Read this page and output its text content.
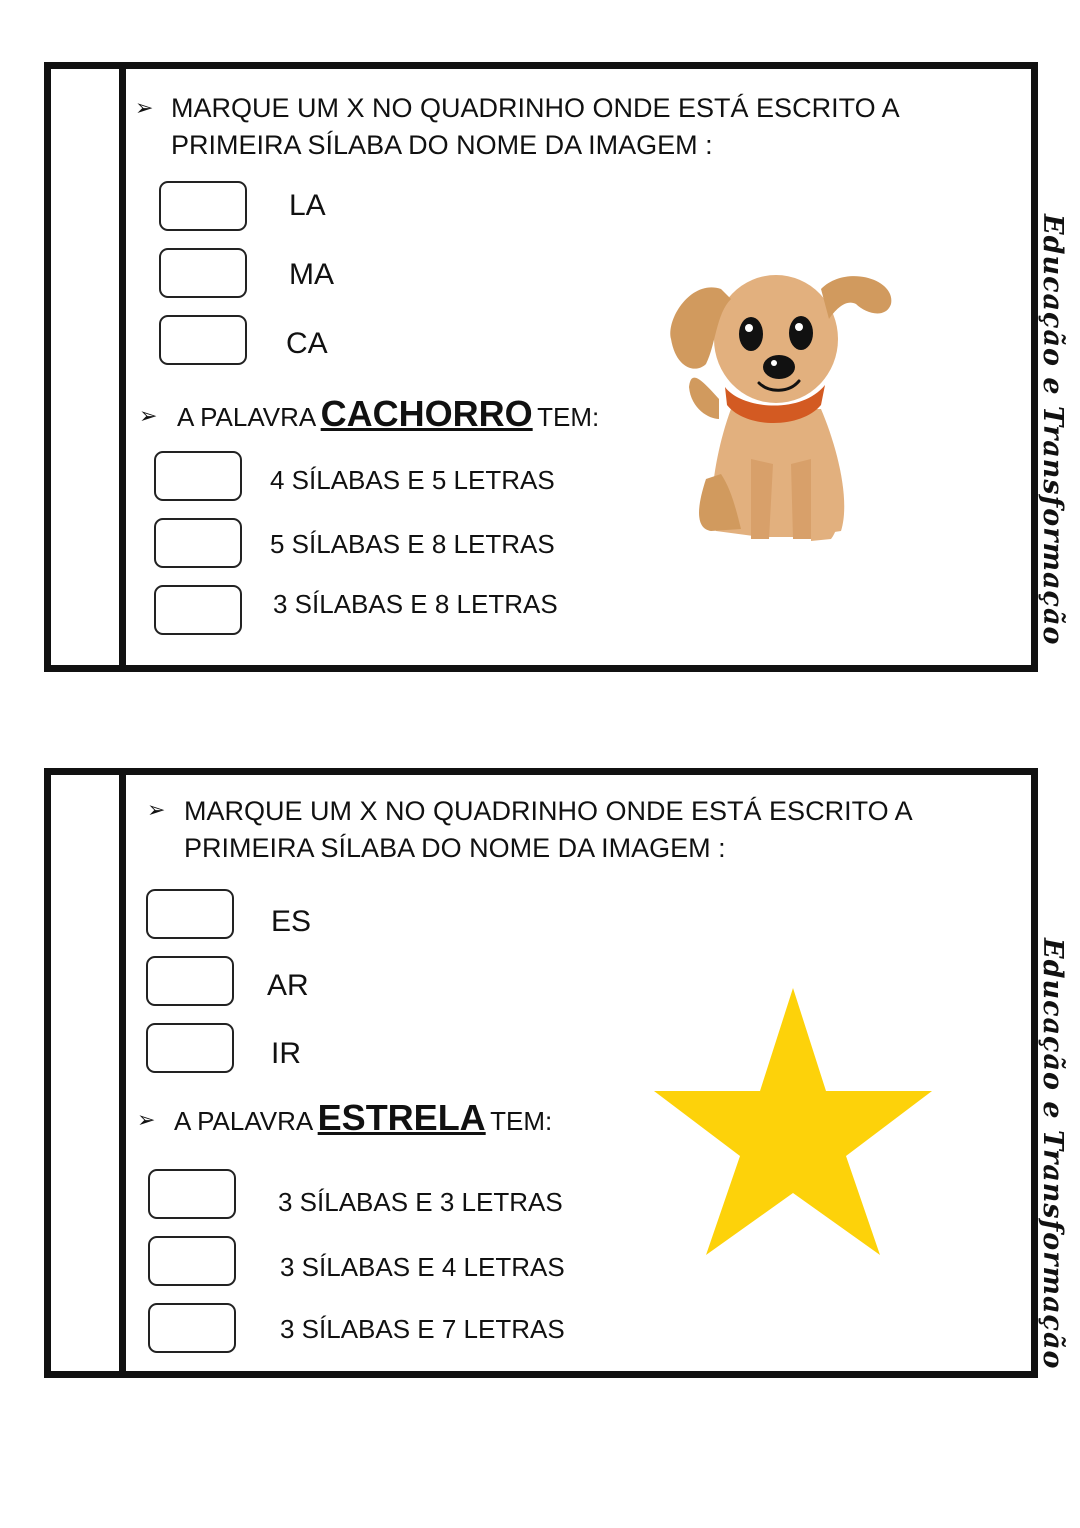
➢ MARQUE UM X NO QUADRINHO ONDE ESTÁ ESCRITO A
PRIMEIRA SÍLABA DO NOME DA IMAGEM :
LA
MA
CA
➢ A PALAVRA CACHORRO TEM:
4 SÍLABAS E 5 LETRAS
5 SÍLABAS E 8 LETRAS
3 SÍLABAS E 8 LETRAS	Educação e Transformação
➢ MARQUE UM X NO QUADRINHO ONDE ESTÁ ESCRITO A
PRIMEIRA SÍLABA DO NOME DA IMAGEM :
ES
AR
IR
➢ A PALAVRA ESTRELA TEM:
3 SÍLABAS E 3 LETRAS
3 SÍLABAS E 4 LETRAS
3 SÍLABAS E 7 LETRAS	Educação e Transformação
